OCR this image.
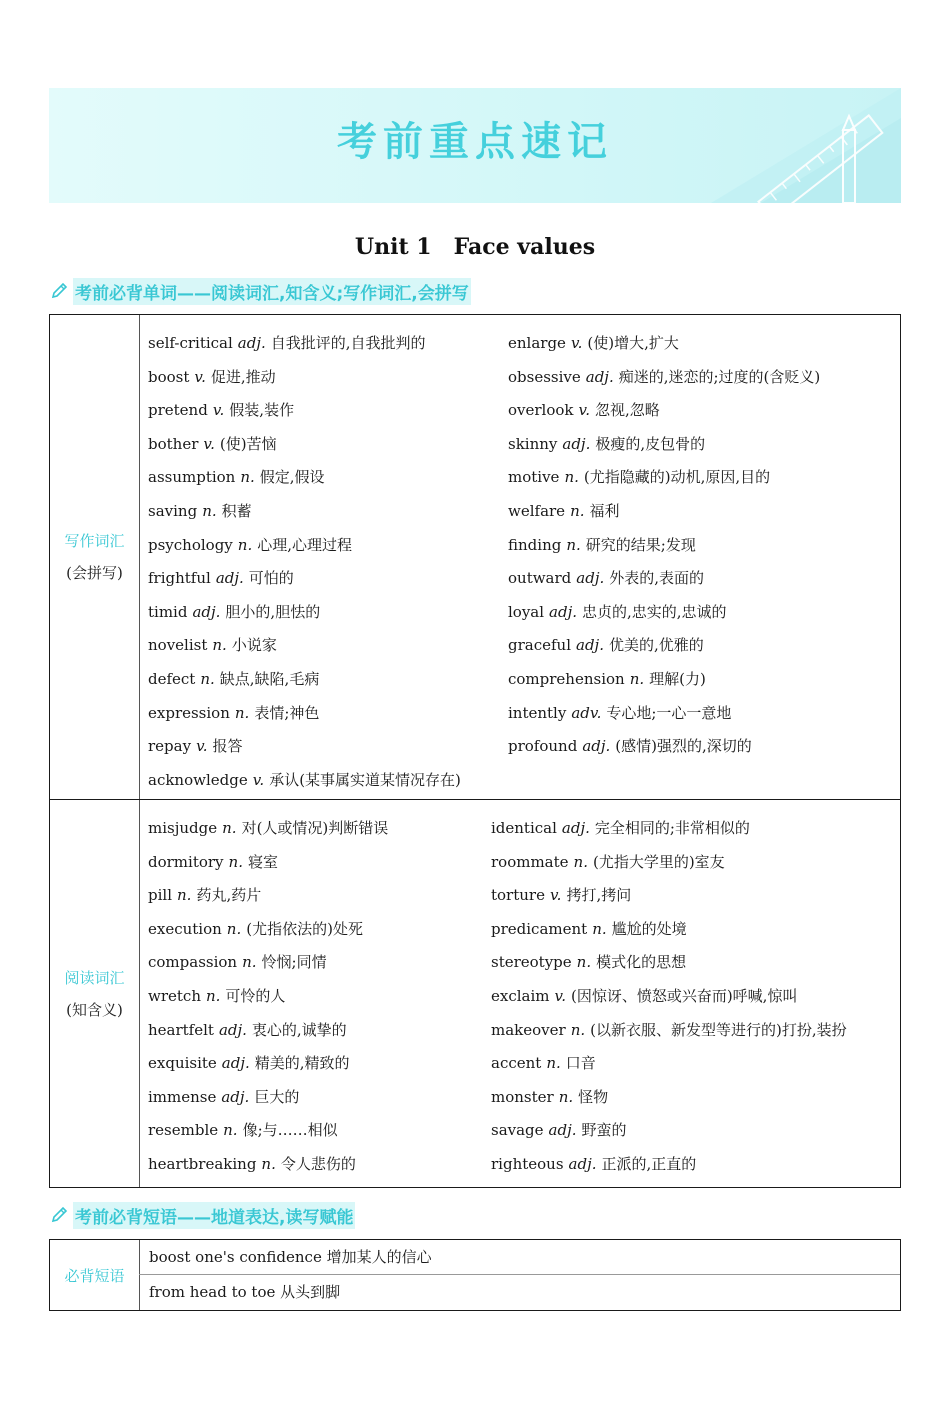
考前重点速记
Unit 1 Face values
考前必背单词——阅读词汇,知含义;写作词汇,会拼写
写作词汇
(会拼写)
self-critical adj. 自我批评的,自我批判的
boost v. 促进,推动
pretend v. 假装,装作
bother v. (使)苦恼
assumption n. 假定,假设
saving n. 积蓄
psychology n. 心理,心理过程
frightful adj. 可怕的
timid adj. 胆小的,胆怯的
novelist n. 小说家
defect n. 缺点,缺陷,毛病
expression n. 表情;神色
repay v. 报答
acknowledge v. 承认(某事属实道某情况存在)
enlarge v. (使)增大,扩大
obsessive adj. 痴迷的,迷恋的;过度的(含贬义)
overlook v. 忽视,忽略
skinny adj. 极瘦的,皮包骨的
motive n. (尤指隐藏的)动机,原因,目的
welfare n. 福利
finding n. 研究的结果;发现
outward adj. 外表的,表面的
loyal adj. 忠贞的,忠实的,忠诚的
graceful adj. 优美的,优雅的
comprehension n. 理解(力)
intently adv. 专心地;一心一意地
profound adj. (感情)强烈的,深切的
阅读词汇
(知含义)
misjudge n. 对(人或情况)判断错误
dormitory n. 寝室
pill n. 药丸,药片
execution n. (尤指依法的)处死
compassion n. 怜悯;同情
wretch n. 可怜的人
heartfelt adj. 衷心的,诚挚的
exquisite adj. 精美的,精致的
immense adj. 巨大的
resemble n. 像;与……相似
heartbreaking n. 令人悲伤的
identical adj. 完全相同的;非常相似的
roommate n. (尤指大学里的)室友
torture v. 拷打,拷问
predicament n. 尴尬的处境
stereotype n. 模式化的思想
exclaim v. (因惊讶、愤怒或兴奋而)呼喊,惊叫
makeover n. (以新衣服、新发型等进行的)打扮,装扮
accent n. 口音
monster n. 怪物
savage adj. 野蛮的
righteous adj. 正派的,正直的
考前必背短语——地道表达,读写赋能
必背短语
boost one's confidence 增加某人的信心
from head to toe 从头到脚
